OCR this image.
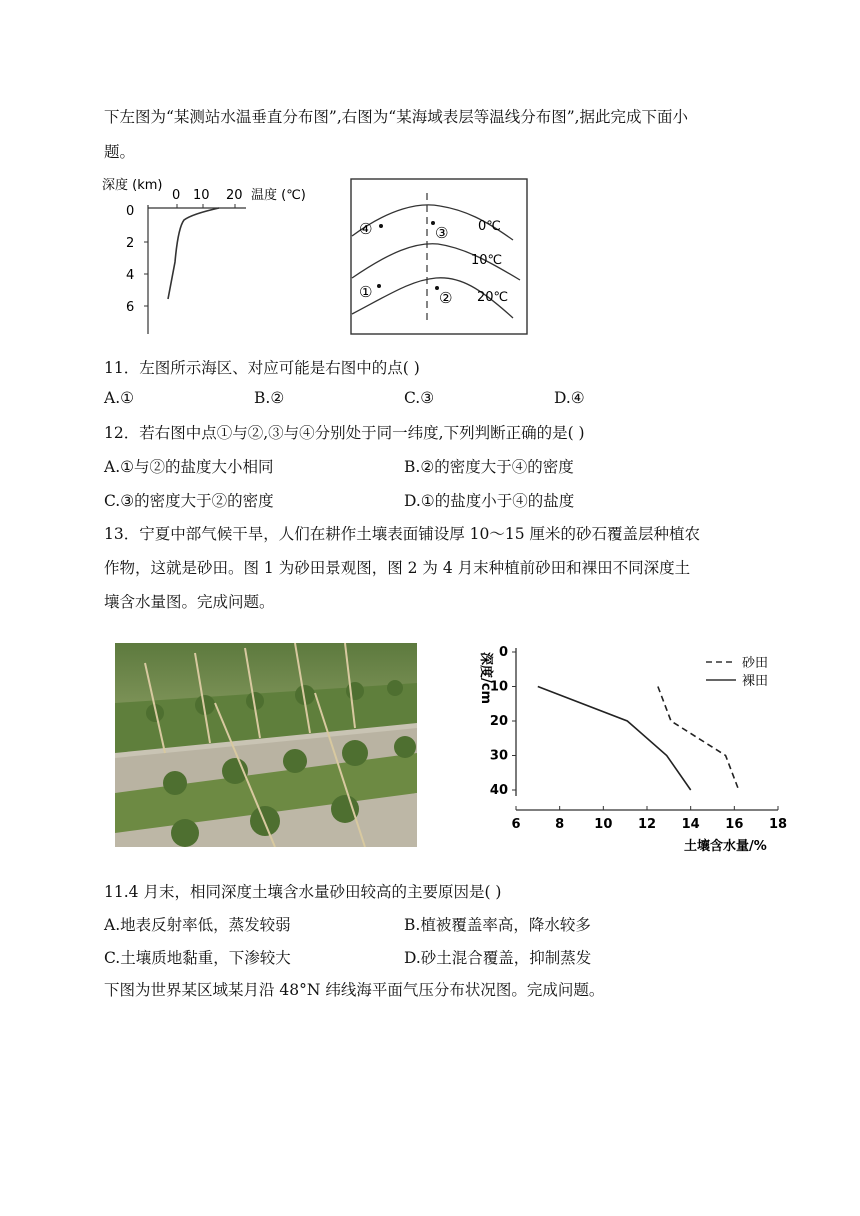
下左图为“某测站水温垂直分布图”,右图为“某海域表层等温线分布图”,据此完成下面小
题。
深度 (km)
温度 (℃)
0 10 20
0
2
4
6
0℃
10℃
20℃
④	③
①	②
11．左图所示海区、对应可能是右图中的点( )
A.①	B.②	C.③	D.④
12．若右图中点①与②,③与④分别处于同一纬度,下列判断正确的是( )
A.①与②的盐度大小相同	B.②的密度大于④的密度
C.③的密度大于②的密度	D.①的盐度小于④的盐度
13．宁夏中部气候干旱，人们在耕作土壤表面铺设厚 10～15 厘米的砂石覆盖层种植农
作物，这就是砂田。图 1 为砂田景观图，图 2 为 4 月末种植前砂田和裸田不同深度土
壤含水量图。完成问题。
深度/cm
土壤含水量/%
砂田
裸田
0
10
20
30
40
6	8 10 12 14 16 18
11.4 月末，相同深度土壤含水量砂田较高的主要原因是( )
A.地表反射率低，蒸发较弱	B.植被覆盖率高，降水较多
C.土壤质地黏重，下渗较大	D.砂土混合覆盖，抑制蒸发
下图为世界某区域某月沿 48°N 纬线海平面气压分布状况图。完成问题。
